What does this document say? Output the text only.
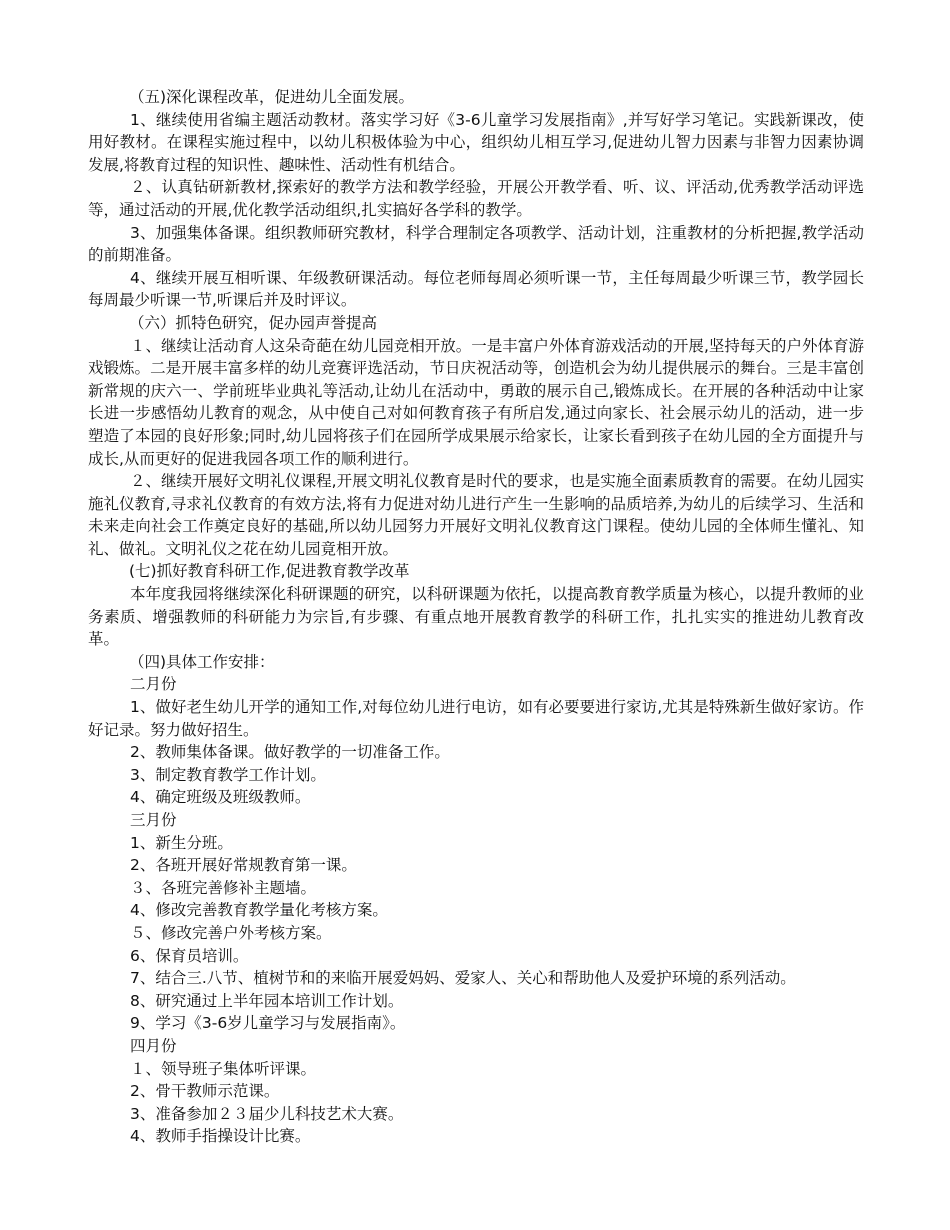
（五)深化课程改革，促进幼儿全面发展。

1、继续使用省编主题活动教材。落实学习好《3-6儿童学习发展指南》,并写好学习笔记。实践新课改，使用好教材。在课程实施过程中，以幼儿积极体验为中心，组织幼儿相互学习,促进幼儿智力因素与非智力因素协调发展,将教育过程的知识性、趣味性、活动性有机结合。

２、认真钻研新教材,探索好的教学方法和教学经验，开展公开教学看、听、议、评活动,优秀教学活动评选等，通过活动的开展,优化教学活动组织,扎实搞好各学科的教学。

3、加强集体备课。组织教师研究教材，科学合理制定各项教学、活动计划，注重教材的分析把握,教学活动的前期准备。

4、继续开展互相听课、年级教研课活动。每位老师每周必须听课一节，主任每周最少听课三节，教学园长每周最少听课一节,听课后并及时评议。

（六）抓特色研究，促办园声誉提高

１、继续让活动育人这朵奇葩在幼儿园竞相开放。一是丰富户外体育游戏活动的开展,坚持每天的户外体育游戏锻炼。二是开展丰富多样的幼儿竞赛评选活动，节日庆祝活动等，创造机会为幼儿提供展示的舞台。三是丰富创新常规的庆六一、学前班毕业典礼等活动,让幼儿在活动中，勇敢的展示自己,锻炼成长。在开展的各种活动中让家长进一步感悟幼儿教育的观念，从中使自己对如何教育孩子有所启发,通过向家长、社会展示幼儿的活动，进一步塑造了本园的良好形象;同时,幼儿园将孩子们在园所学成果展示给家长，让家长看到孩子在幼儿园的全方面提升与成长,从而更好的促进我园各项工作的顺利进行。

２、继续开展好文明礼仪课程,开展文明礼仪教育是时代的要求，也是实施全面素质教育的需要。在幼儿园实施礼仪教育,寻求礼仪教育的有效方法,将有力促进对幼儿进行产生一生影响的品质培养,为幼儿的后续学习、生活和未来走向社会工作奠定良好的基础,所以幼儿园努力开展好文明礼仪教育这门课程。使幼儿园的全体师生懂礼、知礼、做礼。文明礼仪之花在幼儿园竟相开放。

(七)抓好教育科研工作,促进教育教学改革

本年度我园将继续深化科研课题的研究，以科研课题为依托，以提高教育教学质量为核心，以提升教师的业务素质、增强教师的科研能力为宗旨,有步骤、有重点地开展教育教学的科研工作，扎扎实实的推进幼儿教育改革。

（四)具体工作安排：

二月份

1、做好老生幼儿开学的通知工作,对每位幼儿进行电访，如有必要要进行家访,尤其是特殊新生做好家访。作好记录。努力做好招生。

2、教师集体备课。做好教学的一切准备工作。

3、制定教育教学工作计划。

4、确定班级及班级教师。

三月份

1、新生分班。

2、各班开展好常规教育第一课。

３、各班完善修补主题墙。

4、修改完善教育教学量化考核方案。

５、修改完善户外考核方案。

6、保育员培训。

7、结合三.八节、植树节和的来临开展爱妈妈、爱家人、关心和帮助他人及爱护环境的系列活动。

8、研究通过上半年园本培训工作计划。

9、学习《3-6岁儿童学习与发展指南》。

四月份

１、领导班子集体听评课。

2、骨干教师示范课。

3、准备参加２３届少儿科技艺术大赛。

4、教师手指操设计比赛。
